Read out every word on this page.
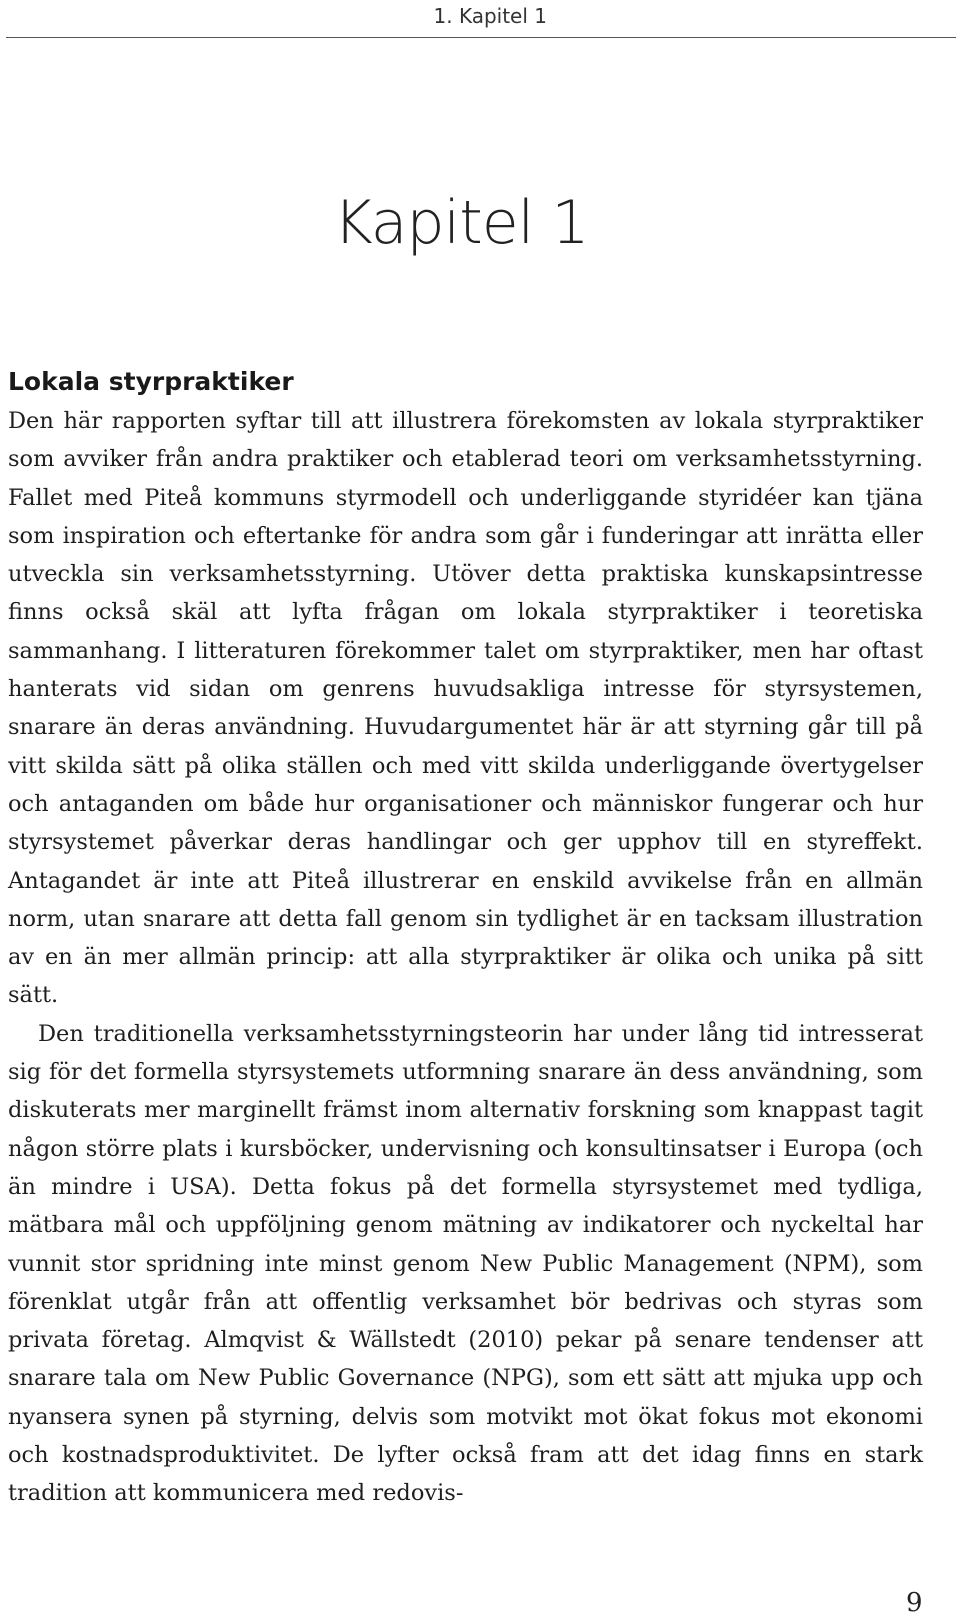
1. Kapitel 1
Kapitel 1
Lokala styrpraktiker

Den här rapporten syftar till att illustrera förekomsten av lokala styrpraktiker som avviker från andra praktiker och etablerad teori om verksamhetsstyrning. Fallet med Piteå kommuns styrmodell och underliggande styridéer kan tjäna som inspiration och eftertanke för andra som går i funderingar att inrätta eller utveckla sin verksamhetsstyrning. Utöver detta praktiska kunskapsintresse finns också skäl att lyfta frågan om lokala styrpraktiker i teoretiska sammanhang. I litteraturen förekommer talet om styrpraktiker, men har oftast hanterats vid sidan om genrens huvudsakliga intresse för styrsystemen, snarare än deras användning. Huvudargumentet här är att styrning går till på vitt skilda sätt på olika ställen och med vitt skilda underliggande övertygelser och antaganden om både hur organisationer och människor fungerar och hur styrsystemet påverkar deras handlingar och ger upphov till en styreffekt. Antagandet är inte att Piteå illustrerar en enskild avvikelse från en allmän norm, utan snarare att detta fall genom sin tydlighet är en tacksam illustration av en än mer allmän princip: att alla styrpraktiker är olika och unika på sitt sätt.

Den traditionella verksamhetsstyrningsteorin har under lång tid intresserat sig för det formella styrsystemets utformning snarare än dess användning, som diskuterats mer marginellt främst inom alternativ forskning som knappast tagit någon större plats i kursböcker, undervisning och konsultinsatser i Europa (och än mindre i USA). Detta fokus på det formella styrsystemet med tydliga, mätbara mål och uppföljning genom mätning av indikatorer och nyckeltal har vunnit stor spridning inte minst genom New Public Management (NPM), som förenklat utgår från att offentlig verksamhet bör bedrivas och styras som privata företag. Almqvist & Wällstedt (2010) pekar på senare tendenser att snarare tala om New Public Governance (NPG), som ett sätt att mjuka upp och nyansera synen på styrning, delvis som motvikt mot ökat fokus mot ekonomi och kostnadsproduktivitet. De lyfter också fram att det idag finns en stark tradition att kommunicera med redovis-

9
